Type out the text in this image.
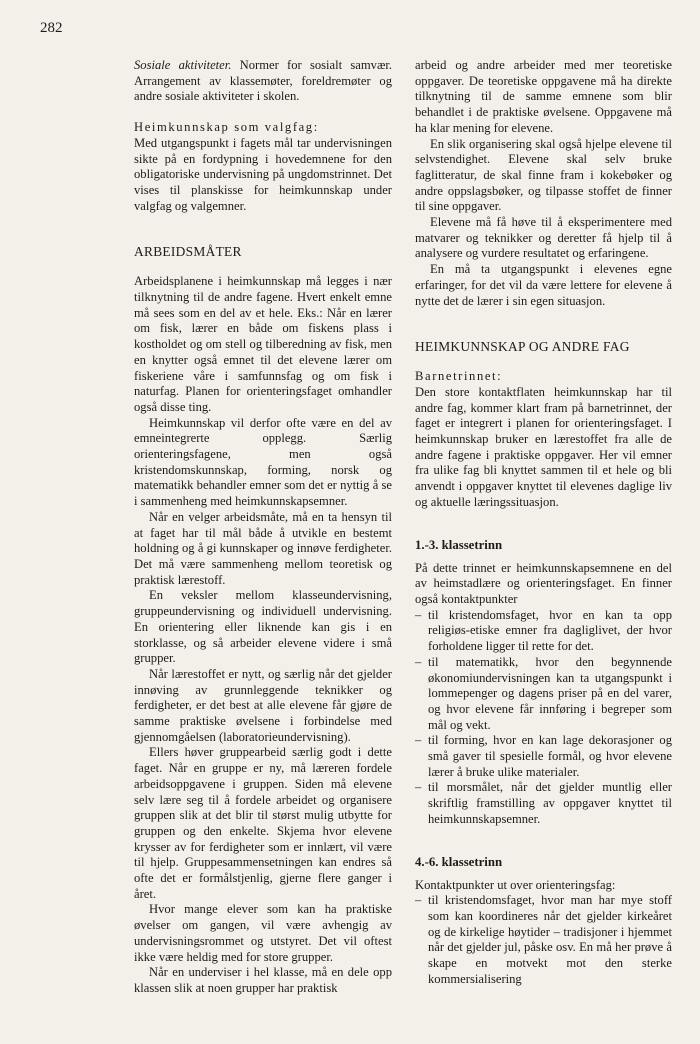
282

Sosiale aktiviteter. Normer for sosialt samvær. Arrangement av klassemøter, foreldremøter og andre sosiale aktiviteter i skolen.

Heimkunnskap som valgfag:
Med utgangspunkt i fagets mål tar undervisningen sikte på en fordypning i hovedemnene for den obligatoriske undervisning på ungdomstrinnet. Det vises til planskisse for heimkunnskap under valgfag og valgemner.

ARBEIDSMÅTER

Arbeidsplanene i heimkunnskap må legges i nær tilknytning til de andre fagene. Hvert enkelt emne må sees som en del av et hele. Eks.: Når en lærer om fisk, lærer en både om fiskens plass i kostholdet og om stell og tilberedning av fisk, men en knytter også emnet til det elevene lærer om fiskeriene våre i samfunnsfag og om fisk i naturfag. Planen for orienteringsfaget omhandler også disse ting.

Heimkunnskap vil derfor ofte være en del av emneintegrerte opplegg. Særlig orienteringsfagene, men også kristendomskunnskap, forming, norsk og matematikk behandler emner som det er nyttig å se i sammenheng med heimkunnskapsemner.

Når en velger arbeidsmåte, må en ta hensyn til at faget har til mål både å utvikle en bestemt holdning og å gi kunnskaper og innøve ferdigheter. Det må være sammenheng mellom teoretisk og praktisk lærestoff.

En veksler mellom klasseundervisning, gruppeundervisning og individuell undervisning. En orientering eller liknende kan gis i en storklasse, og så arbeider elevene videre i små grupper.

Når lærestoffet er nytt, og særlig når det gjelder innøving av grunnleggende teknikker og ferdigheter, er det best at alle elevene får gjøre de samme praktiske øvelsene i forbindelse med gjennomgåelsen (laboratorieundervisning).

Ellers høver gruppearbeid særlig godt i dette faget. Når en gruppe er ny, må læreren fordele arbeidsoppgavene i gruppen. Siden må elevene selv lære seg til å fordele arbeidet og organisere gruppen slik at det blir til størst mulig utbytte for gruppen og den enkelte. Skjema hvor elevene krysser av for ferdigheter som er innlært, vil være til hjelp. Gruppesammensetningen kan endres så ofte det er formålstjenlig, gjerne flere ganger i året.

Hvor mange elever som kan ha praktiske øvelser om gangen, vil være avhengig av undervisningsrommet og utstyret. Det vil oftest ikke være heldig med for store grupper.

Når en underviser i hel klasse, må en dele opp klassen slik at noen grupper har praktisk

arbeid og andre arbeider med mer teoretiske oppgaver. De teoretiske oppgavene må ha direkte tilknytning til de samme emnene som blir behandlet i de praktiske øvelsene. Oppgavene må ha klar mening for elevene.

En slik organisering skal også hjelpe elevene til selvstendighet. Elevene skal selv bruke faglitteratur, de skal finne fram i kokebøker og andre oppslagsbøker, og tilpasse stoffet de finner til sine oppgaver.

Elevene må få høve til å eksperimentere med matvarer og teknikker og deretter få hjelp til å analysere og vurdere resultatet og erfaringene.

En må ta utgangspunkt i elevenes egne erfaringer, for det vil da være lettere for elevene å nytte det de lærer i sin egen situasjon.

HEIMKUNNSKAP OG ANDRE FAG

Barnetrinnet:
Den store kontaktflaten heimkunnskap har til andre fag, kommer klart fram på barnetrinnet, der faget er integrert i planen for orienteringsfaget. I heimkunnskap bruker en lærestoffet fra alle de andre fagene i praktiske oppgaver. Her vil emner fra ulike fag bli knyttet sammen til et hele og bli anvendt i oppgaver knyttet til elevenes daglige liv og aktuelle læringssituasjon.

1.-3. klassetrinn

På dette trinnet er heimkunnskapsemnene en del av heimstadlære og orienteringsfaget. En finner også kontaktpunkter

– til kristendomsfaget, hvor en kan ta opp religiøs-etiske emner fra dagliglivet, der hvor forholdene ligger til rette for det.
– til matematikk, hvor den begynnende økonomiundervisningen kan ta utgangspunkt i lommepenger og dagens priser på en del varer, og hvor elevene får innføring i begreper som mål og vekt.
– til forming, hvor en kan lage dekorasjoner og små gaver til spesielle formål, og hvor elevene lærer å bruke ulike materialer.
– til morsmålet, når det gjelder muntlig eller skriftlig framstilling av oppgaver knyttet til heimkunnskapsemner.
4.-6. klassetrinn

Kontaktpunkter ut over orienteringsfag:

– til kristendomsfaget, hvor man har mye stoff som kan koordineres når det gjelder kirkeåret og de kirkelige høytider – tradisjoner i hjemmet når det gjelder jul, påske osv. En må her prøve å skape en motvekt mot den sterke kommersialisering
